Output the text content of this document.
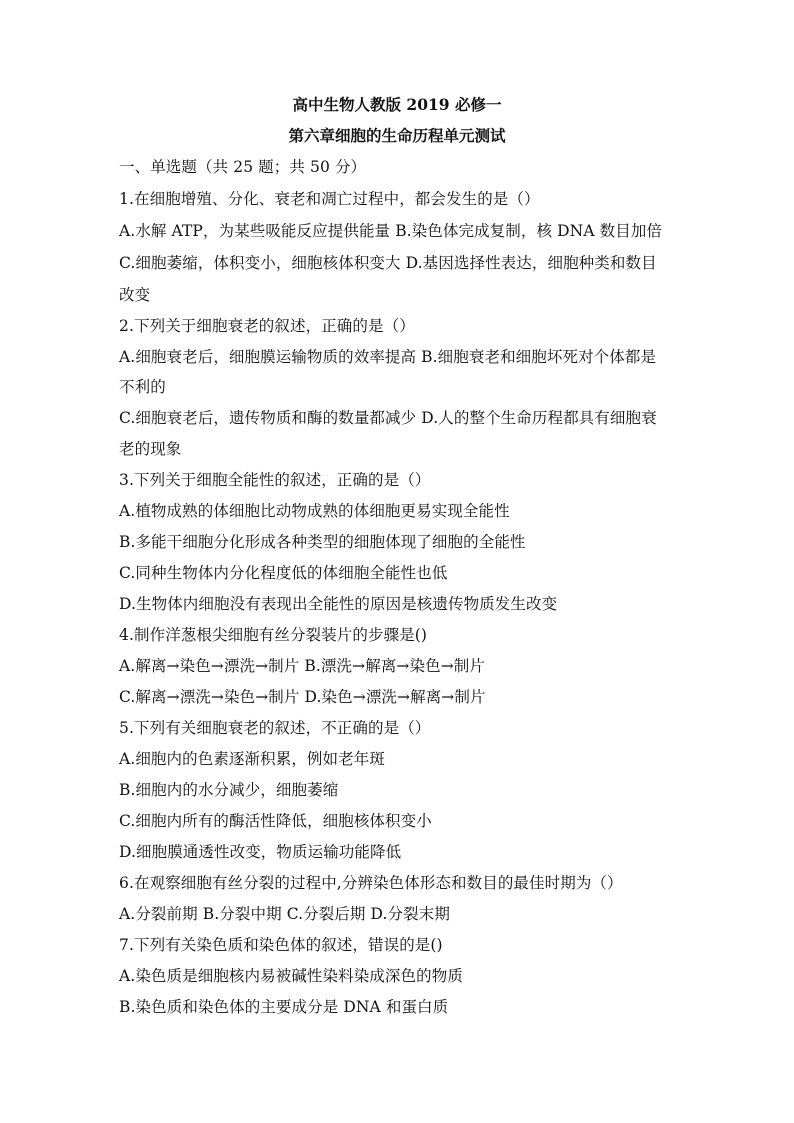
高中生物人教版 2019 必修一
第六章细胞的生命历程单元测试
一、单选题（共 25 题；共 50 分）
1.在细胞增殖、分化、衰老和凋亡过程中，都会发生的是（）
A.水解 ATP，为某些吸能反应提供能量 B.染色体完成复制，核 DNA 数目加倍
C.细胞萎缩，体积变小，细胞核体积变大 D.基因选择性表达，细胞种类和数目
改变
2.下列关于细胞衰老的叙述，正确的是（）
A.细胞衰老后，细胞膜运输物质的效率提高 B.细胞衰老和细胞坏死对个体都是
不利的
C.细胞衰老后，遗传物质和酶的数量都减少 D.人的整个生命历程都具有细胞衰
老的现象
3.下列关于细胞全能性的叙述，正确的是（）
A.植物成熟的体细胞比动物成熟的体细胞更易实现全能性
B.多能干细胞分化形成各种类型的细胞体现了细胞的全能性
C.同种生物体内分化程度低的体细胞全能性也低
D.生物体内细胞没有表现出全能性的原因是核遗传物质发生改变
4.制作洋葱根尖细胞有丝分裂装片的步骤是()
A.解离→染色→漂洗→制片 B.漂洗→解离→染色→制片
C.解离→漂洗→染色→制片 D.染色→漂洗→解离→制片
5.下列有关细胞衰老的叙述，不正确的是（）
A.细胞内的色素逐渐积累，例如老年斑
B.细胞内的水分减少，细胞萎缩
C.细胞内所有的酶活性降低，细胞核体积变小
D.细胞膜通透性改变，物质运输功能降低
6.在观察细胞有丝分裂的过程中,分辨染色体形态和数目的最佳时期为（）
A.分裂前期 B.分裂中期 C.分裂后期 D.分裂末期
7.下列有关染色质和染色体的叙述，错误的是()
A.染色质是细胞核内易被碱性染料染成深色的物质
B.染色质和染色体的主要成分是 DNA 和蛋白质
